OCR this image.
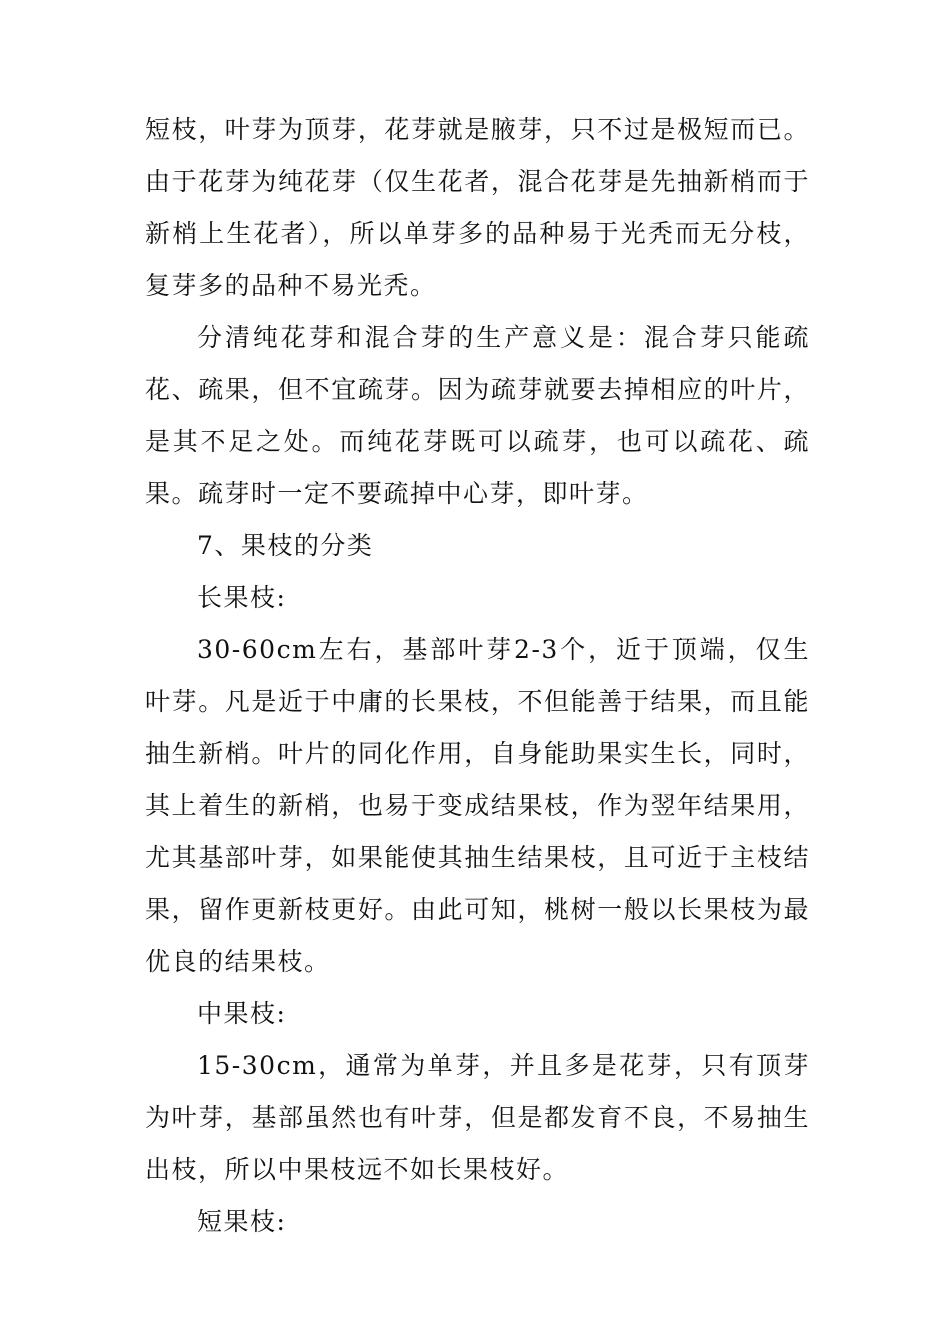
短枝，叶芽为顶芽，花芽就是腋芽，只不过是极短而已。由于花芽为纯花芽（仅生花者，混合花芽是先抽新梢而于新梢上生花者），所以单芽多的品种易于光秃而无分枝，复芽多的品种不易光秃。

分清纯花芽和混合芽的生产意义是：混合芽只能疏花、疏果，但不宜疏芽。因为疏芽就要去掉相应的叶片，是其不足之处。而纯花芽既可以疏芽，也可以疏花、疏果。疏芽时一定不要疏掉中心芽，即叶芽。

7、果枝的分类

长果枝:

30-60cm左右，基部叶芽2-3个，近于顶端，仅生叶芽。凡是近于中庸的长果枝，不但能善于结果，而且能抽生新梢。叶片的同化作用，自身能助果实生长，同时，其上着生的新梢，也易于变成结果枝，作为翌年结果用，尤其基部叶芽，如果能使其抽生结果枝，且可近于主枝结果，留作更新枝更好。由此可知，桃树一般以长果枝为最优良的结果枝。

中果枝:

15-30cm，通常为单芽，并且多是花芽，只有顶芽为叶芽，基部虽然也有叶芽，但是都发育不良，不易抽生出枝，所以中果枝远不如长果枝好。

短果枝:
